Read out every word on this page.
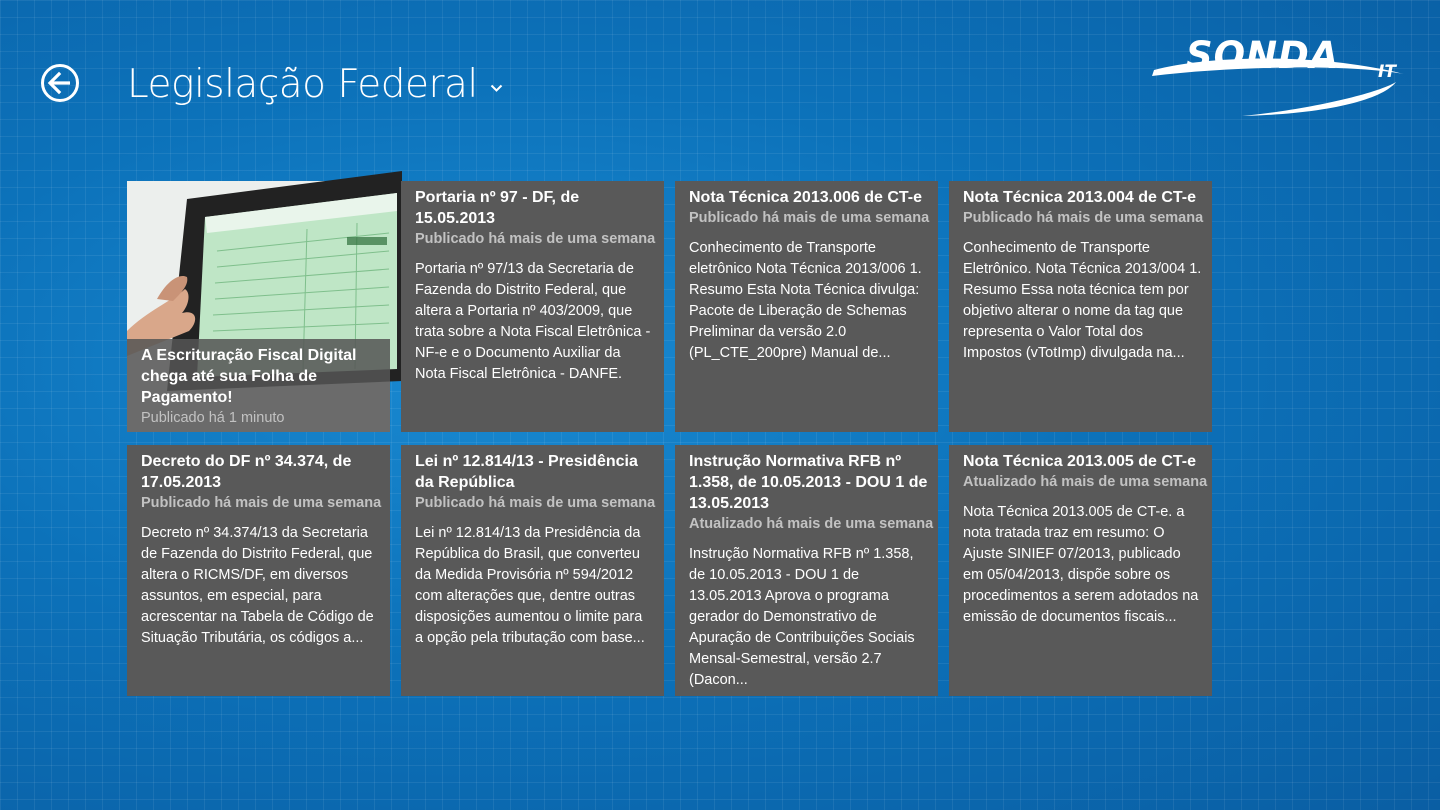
Legislação Federal
SONDA IT
A Escrituração Fiscal Digital chega até sua Folha de Pagamento!
Publicado há 1 minuto
Portaria nº 97 - DF, de 15.05.2013
Publicado há mais de uma semana
Portaria nº 97/13 da Secretaria de Fazenda do Distrito Federal, que altera a Portaria nº 403/2009, que trata sobre a Nota Fiscal Eletrônica - NF-e e o Documento Auxiliar da Nota Fiscal Eletrônica - DANFE.
Nota Técnica 2013.006 de CT-e
Publicado há mais de uma semana
Conhecimento de Transporte eletrônico Nota Técnica 2013/006 1. Resumo Esta Nota Técnica divulga: Pacote de Liberação de Schemas Preliminar da versão 2.0 (PL_CTE_200pre) Manual de...
Nota Técnica 2013.004 de CT-e
Publicado há mais de uma semana
Conhecimento de Transporte Eletrônico. Nota Técnica 2013/004 1. Resumo Essa nota técnica tem por objetivo alterar o nome da tag que representa o Valor Total dos Impostos (vTotImp) divulgada na...
Decreto do DF nº 34.374, de 17.05.2013
Publicado há mais de uma semana
Decreto nº 34.374/13 da Secretaria de Fazenda do Distrito Federal, que altera o RICMS/DF, em diversos assuntos, em especial, para acrescentar na Tabela de Código de Situação Tributária, os códigos a...
Lei nº 12.814/13 - Presidência da República
Publicado há mais de uma semana
Lei nº 12.814/13 da Presidência da República do Brasil, que converteu da Medida Provisória nº 594/2012 com alterações que, dentre outras disposições aumentou o limite para a opção pela tributação com base...
Instrução Normativa RFB nº 1.358, de 10.05.2013 - DOU 1 de 13.05.2013
Atualizado há mais de uma semana
Instrução Normativa RFB nº 1.358, de 10.05.2013 - DOU 1 de 13.05.2013 Aprova o programa gerador do Demonstrativo de Apuração de Contribuições Sociais Mensal-Semestral, versão 2.7 (Dacon...
Nota Técnica 2013.005 de CT-e
Atualizado há mais de uma semana
Nota Técnica 2013.005 de CT-e. a nota tratada traz em resumo: O Ajuste SINIEF 07/2013, publicado em 05/04/2013, dispõe sobre os procedimentos a serem adotados na emissão de documentos fiscais...
